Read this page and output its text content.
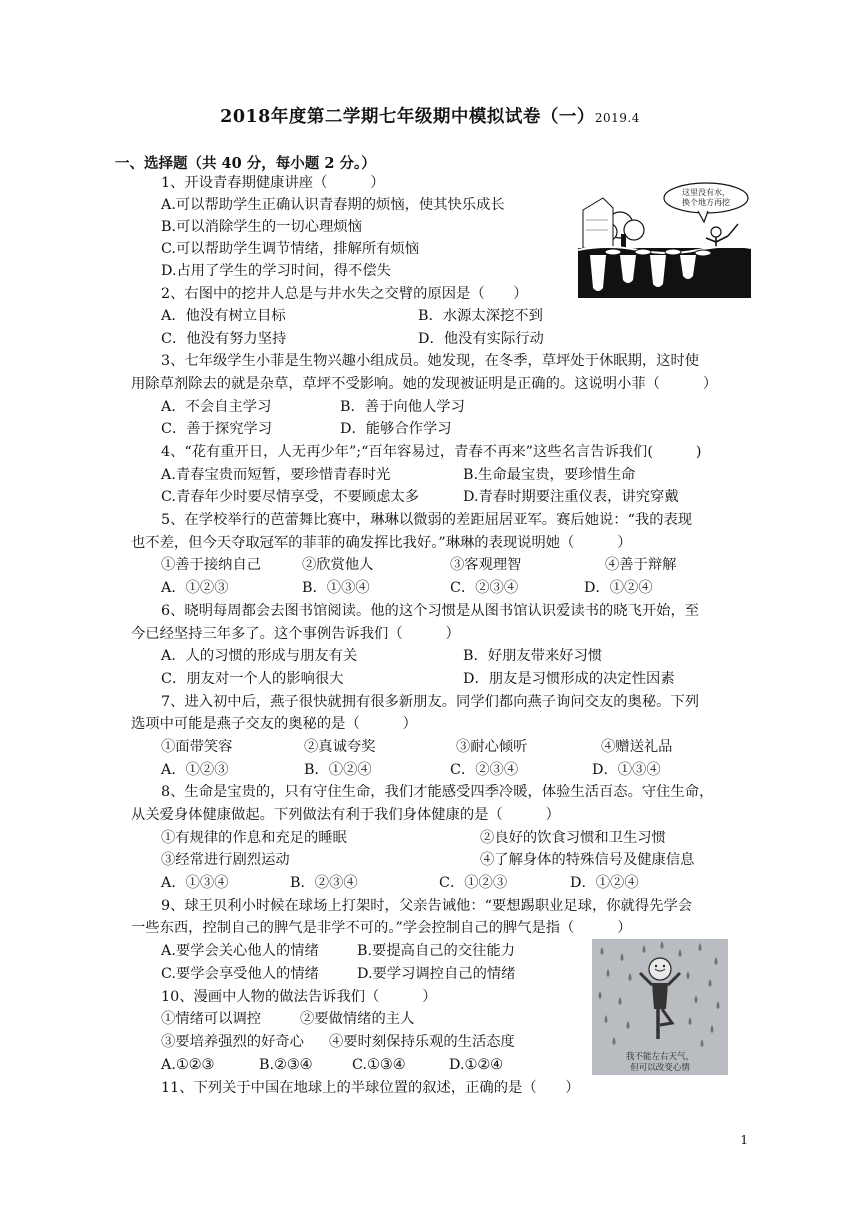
2018年度第二学期七年级期中模拟试卷（一）2019.4
一、选择题（共 40 分，每小题 2 分。）
1、开设青春期健康讲座（　　　）
A.可以帮助学生正确认识青春期的烦恼，使其快乐成长
B.可以消除学生的一切心理烦恼
C.可以帮助学生调节情绪，排解所有烦恼
D.占用了学生的学习时间，得不偿失
2、右图中的挖井人总是与井水失之交臂的原因是（　　）
A．他没有树立目标	B．水源太深挖不到
C．他没有努力坚持	D．他没有实际行动
3、七年级学生小菲是生物兴趣小组成员。她发现，在冬季，草坪处于休眠期，这时使
用除草剂除去的就是杂草，草坪不受影响。她的发现被证明是正确的。这说明小菲（　　　）
A．不会自主学习	B．善于向他人学习
C．善于探究学习	D．能够合作学习
4、“花有重开日，人无再少年”;“百年容易过，青春不再来”这些名言告诉我们(　　　)
A.青春宝贵而短暂，要珍惜青春时光	B.生命最宝贵，要珍惜生命
C.青春年少时要尽情享受，不要顾虑太多	D.青春时期要注重仪表，讲究穿戴
5、在学校举行的芭蕾舞比赛中，琳琳以微弱的差距屈居亚军。赛后她说：“我的表现
也不差，但今天夺取冠军的菲菲的确发挥比我好。”琳琳的表现说明她（　　　）
①善于接纳自己	②欣赏他人	③客观理智	④善于辩解
A．①②③	B．①③④	C．②③④	D．①②④
6、晓明每周都会去图书馆阅读。他的这个习惯是从图书馆认识爱读书的晓飞开始，至
今已经坚持三年多了。这个事例告诉我们（　　　）
A．人的习惯的形成与朋友有关	B．好朋友带来好习惯
C．朋友对一个人的影响很大	D．朋友是习惯形成的决定性因素
7、进入初中后，燕子很快就拥有很多新朋友。同学们都向燕子询问交友的奥秘。下列
选项中可能是燕子交友的奥秘的是（　　　）
①面带笑容	②真诚夸奖	③耐心倾听	④赠送礼品
A．①②③	B．①②④	C．②③④	D．①③④
8、生命是宝贵的，只有守住生命，我们才能感受四季冷暖，体验生活百态。守住生命，
从关爱身体健康做起。下列做法有利于我们身体健康的是（　　　）
①有规律的作息和充足的睡眠	②良好的饮食习惯和卫生习惯
③经常进行剧烈运动	④了解身体的特殊信号及健康信息
A．①③④	B．②③④	C．①②③	D．①②④
9、球王贝利小时候在球场上打架时，父亲告诫他：“要想踢职业足球，你就得先学会
一些东西，控制自己的脾气是非学不可的。”学会控制自己的脾气是指（　　　）
A.要学会关心他人的情绪	B.要提高自己的交往能力
C.要学会享受他人的情绪	D.要学习调控自己的情绪
10、漫画中人物的做法告诉我们（　　　）
①情绪可以调控	②要做情绪的主人
③要培养强烈的好奇心 ④要时刻保持乐观的生活态度
A.①②③	B.②③④	C.①③④	D.①②④
11、下列关于中国在地球上的半球位置的叙述，正确的是（　　）
这里没有水，
换个地方再挖
我不能左右天气，
但可以改变心情
1
